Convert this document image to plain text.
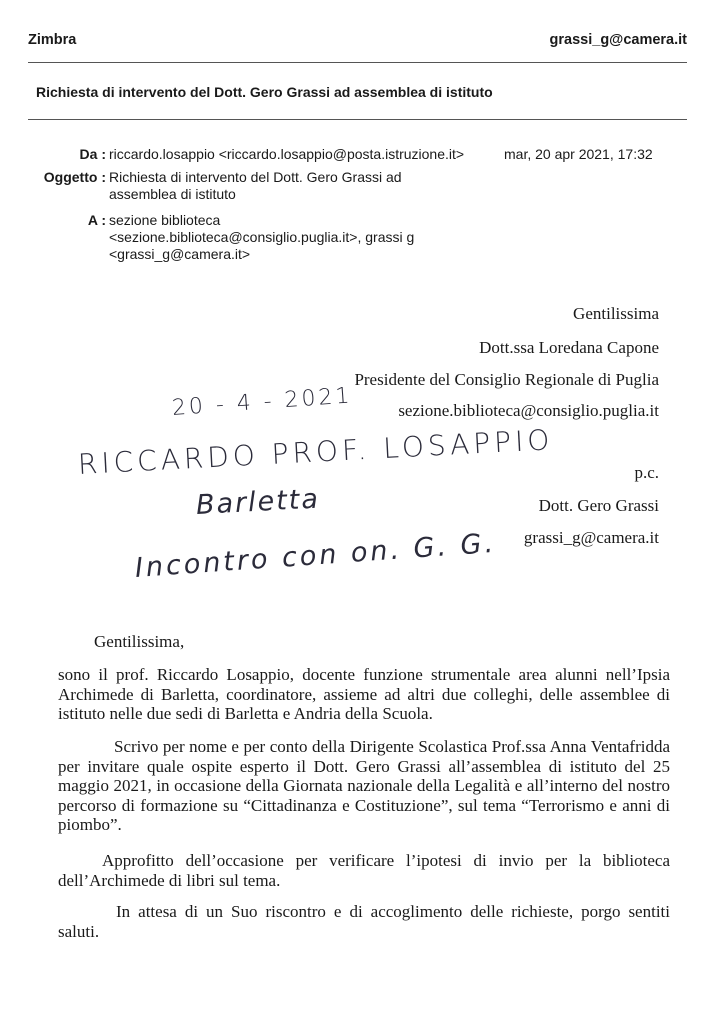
Zimbra	grassi_g@camera.it
Richiesta di intervento del Dott. Gero Grassi ad assemblea di istituto
Da : riccardo.losappio <riccardo.losappio@posta.istruzione.it>	mar, 20 apr 2021, 17:32
Oggetto : Richiesta di intervento del Dott. Gero Grassi ad assemblea di istituto
A : sezione biblioteca <sezione.biblioteca@consiglio.puglia.it>, grassi g <grassi_g@camera.it>
Gentilissima
Dott.ssa Loredana Capone
Presidente del Consiglio Regionale di Puglia
sezione.biblioteca@consiglio.puglia.it
p.c.
Dott. Gero Grassi
grassi_g@camera.it
20 - 4 - 2021
RICCARDO PROF. LOSAPPIO
Barletta
Incontro con on. G. G.
Gentilissima,
sono il prof. Riccardo Losappio, docente funzione strumentale area alunni nell’Ipsia Archimede di Barletta, coordinatore, assieme ad altri due colleghi, delle assemblee di istituto nelle due sedi di Barletta e Andria della Scuola.
Scrivo per nome e per conto della Dirigente Scolastica Prof.ssa Anna Ventafridda per invitare quale ospite esperto il Dott. Gero Grassi all’assemblea di istituto del 25 maggio 2021, in occasione della Giornata nazionale della Legalità e all’interno del nostro percorso di formazione su “Cittadinanza e Costituzione”, sul tema “Terrorismo e anni di piombo”.
Approfitto dell’occasione per verificare l’ipotesi di invio per la biblioteca dell’Archimede di libri sul tema.
In attesa di un Suo riscontro e di accoglimento delle richieste, porgo sentiti saluti.
